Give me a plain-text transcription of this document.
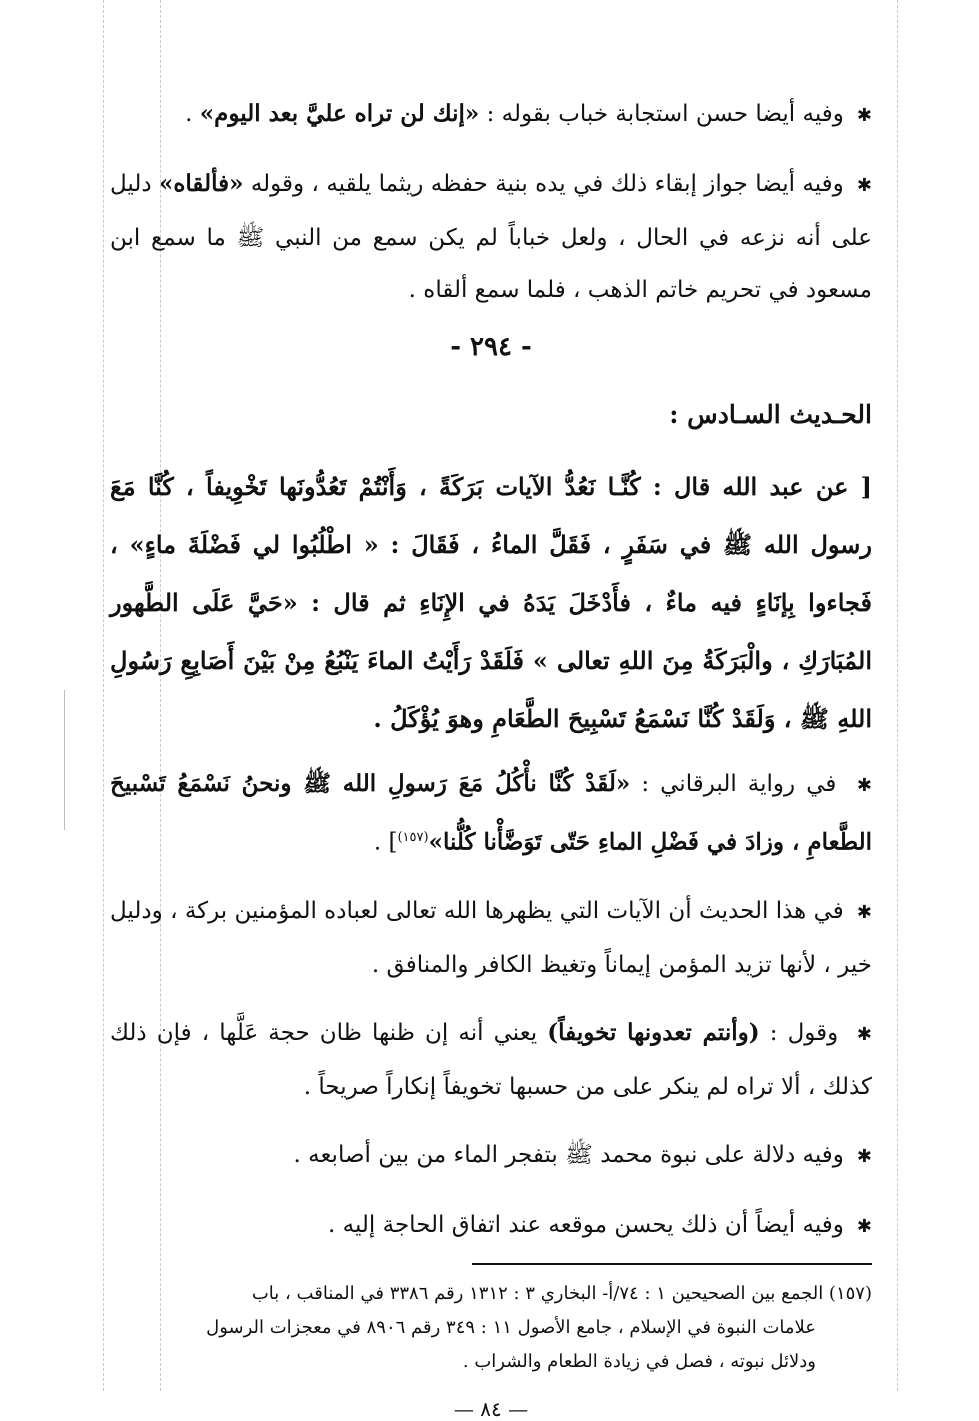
✱ وفيه أيضا حسن استجابة خباب بقوله : «إنك لن تراه عليَّ بعد اليوم» .

✱ وفيه أيضا جواز إبقاء ذلك في يده بنية حفظه ريثما يلقيه ، وقوله «فألقاه» دليل على أنه نزعه في الحال ، ولعل خباباً لم يكن سمع من النبي ﷺ ما سمع ابن مسعود في تحريم خاتم الذهب ، فلما سمع ألقاه .

- ٢٩٤ -
الحـديث السـادس :

[ عن عبد الله قال : كُنَّـا نَعُدُّ الآيات بَرَكَةً ، وَأَنْتُمْ تَعُدُّونَها تَخْوِيفاً ، كُنَّا مَعَ رسول الله ﷺ في سَفَرٍ ، فَقَلَّ الماءُ ، فَقَالَ : « اطْلُبُوا لي فَضْلَةَ ماءٍ» ، فَجاءوا بِإنَاءٍ فيه ماءٌ ، فأَدْخَلَ يَدَهُ في الإِنَاءِ ثم قال : «حَيَّ عَلَى الطَّهور المُبَارَكِ ، والْبَرَكَةُ مِنَ اللهِ تعالى » فَلَقَدْ رَأَيْتُ الماءَ يَنْبُعُ مِنْ بَيْنَ أَصَابِعِ رَسُولِ اللهِ ﷺ ، وَلَقَدْ كُنَّا نَسْمَعُ تَسْبِيحَ الطَّعَامِ وهوَ يُؤْكَلُ .

✱ في رواية البرقاني : «لَقَدْ كُنَّا نأْكُلُ مَعَ رَسولِ الله ﷺ ونحنُ نَسْمَعُ تَسْبيحَ الطَّعامِ ، وزادَ في فَضْلِ الماءِ حَتّى تَوَضَّأْنا كُلُّنا»$^{(١٥٧)}$] .

✱ في هذا الحديث أن الآيات التي يظهرها الله تعالى لعباده المؤمنين بركة ، ودليل خير ، لأنها تزيد المؤمن إيماناً وتغيظ الكافر والمنافق .

✱ وقول : (وأنتم تعدونها تخويفاً) يعني أنه إن ظنها ظان حجة عَلَّها ، فإن ذلك كذلك ، ألا تراه لم ينكر على من حسبها تخويفاً إنكاراً صريحاً .

✱ وفيه دلالة على نبوة محمد ﷺ بتفجر الماء من بين أصابعه .

✱ وفيه أيضاً أن ذلك يحسن موقعه عند اتفاق الحاجة إليه .

(١٥٧) الجمع بين الصحيحين ١ : ٧٤/أ- البخاري ٣ : ١٣١٢ رقم ٣٣٨٦ في المناقب ، باب
علامات النبوة في الإسلام ، جامع الأصول ١١ : ٣٤٩ رقم ٨٩٠٦ في معجزات الرسول
ودلائل نبوته ، فصل في زيادة الطعام والشراب .

— ٨٤ —
